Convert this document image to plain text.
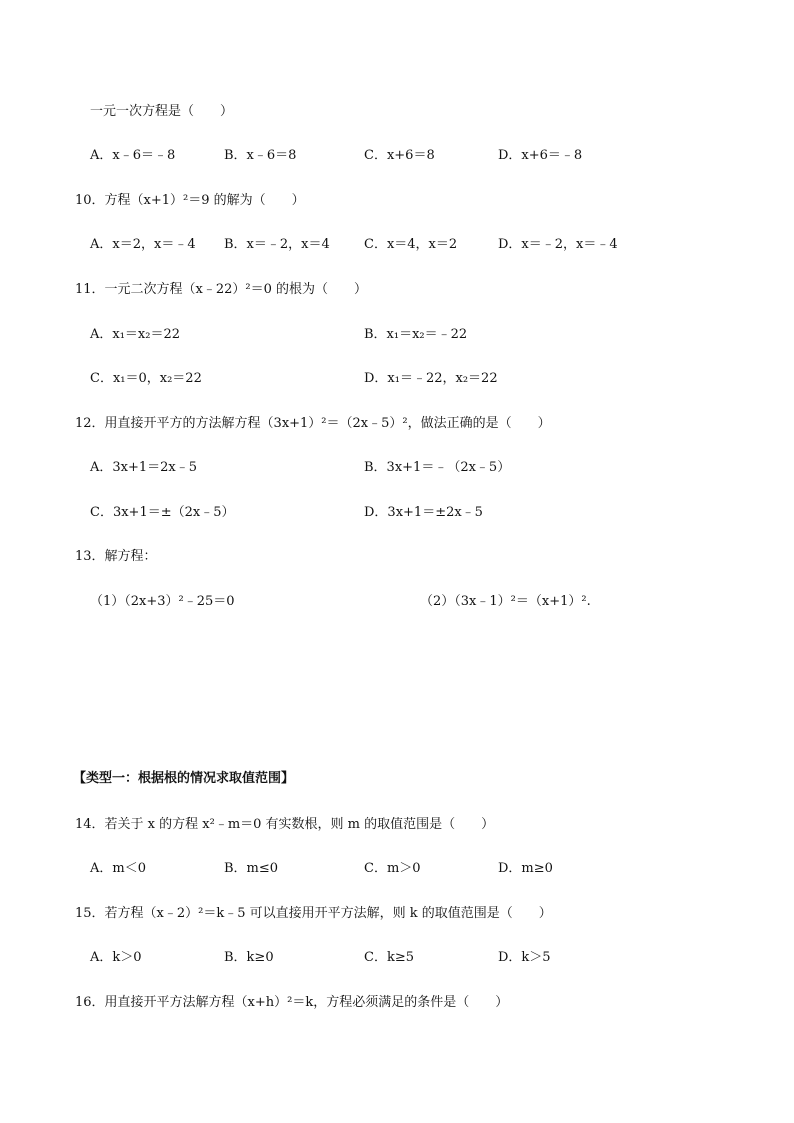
一元一次方程是（　　）
A．x﹣6＝﹣8	B．x﹣6＝8	C．x+6＝8	D．x+6＝﹣8
10．方程（x+1）²＝9 的解为（　　）
A．x＝2，x＝﹣4 B．x＝﹣2，x＝4	C．x＝4，x＝2	D．x＝﹣2，x＝﹣4
11．一元二次方程（x﹣22）²＝0 的根为（　　）
A．x₁＝x₂＝22	B．x₁＝x₂＝﹣22
C．x₁＝0，x₂＝22	D．x₁＝﹣22，x₂＝22
12．用直接开平方的方法解方程（3x+1）²＝（2x﹣5）²，做法正确的是（　　）
A．3x+1＝2x﹣5	B．3x+1＝﹣（2x﹣5）
C．3x+1＝±（2x﹣5）	D．3x+1＝±2x﹣5
13．解方程：
（1）（2x+3）²﹣25＝0	（2）（3x﹣1）²＝（x+1）².
【类型一：根据根的情况求取值范围】
14．若关于 x 的方程 x²﹣m＝0 有实数根，则 m 的取值范围是（　　）
A．m＜0	B．m≤0	C．m＞0	D．m≥0
15．若方程（x﹣2）²＝k﹣5 可以直接用开平方法解，则 k 的取值范围是（　　）
A．k＞0	B．k≥0	C．k≥5	D．k＞5
16．用直接开平方法解方程（x+h）²＝k，方程必须满足的条件是（　　）
